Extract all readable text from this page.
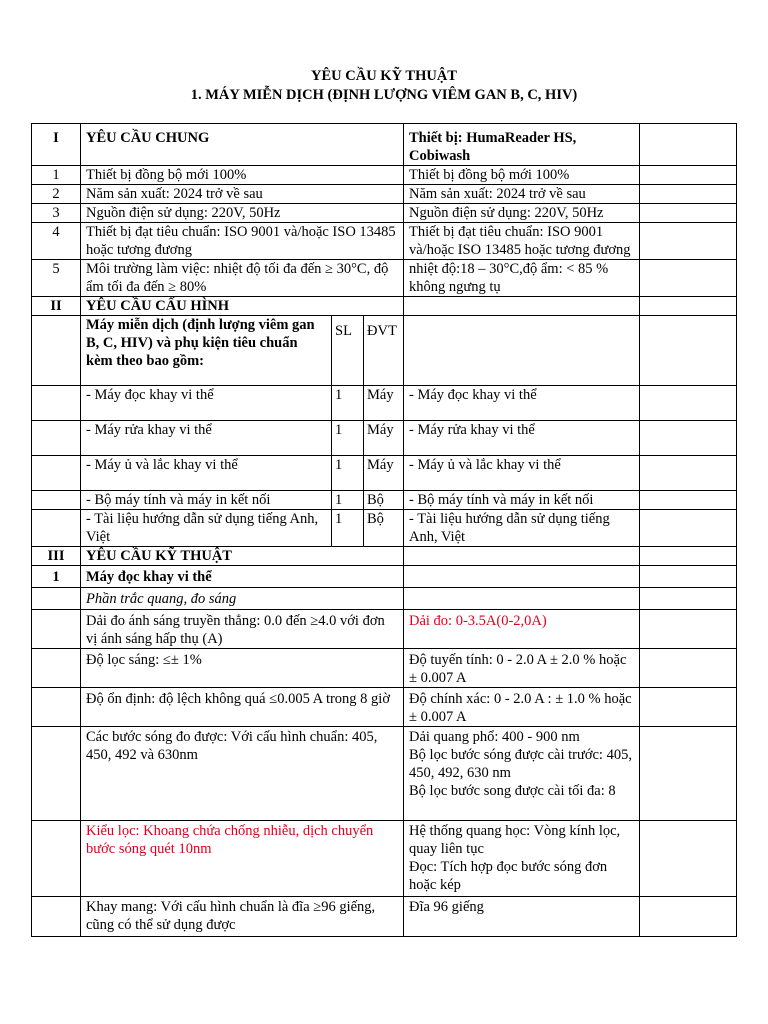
YÊU CẦU KỸ THUẬT
1. MÁY MIỄN DỊCH (ĐỊNH LƯỢNG VIÊM GAN B, C, HIV)
I	YÊU CẦU CHUNG			Thiết bị: HumaReader HS, Cobiwash	
1	Thiết bị đồng bộ mới 100%			Thiết bị đồng bộ mới 100%	
2	Năm sản xuất: 2024 trở về sau			Năm sản xuất: 2024 trở về sau	
3	Nguồn điện sử dụng: 220V, 50Hz			Nguồn điện sử dụng: 220V, 50Hz	
4	Thiết bị đạt tiêu chuẩn: ISO 9001 và/hoặc ISO 13485 hoặc tương đương			Thiết bị đạt tiêu chuẩn: ISO 9001 và/hoặc ISO 13485 hoặc tương đương	
5	Môi trường làm việc: nhiệt độ tối đa đến ≥ 30°C, độ ẩm tối đa đến ≥ 80%			nhiệt độ:18 – 30°C,độ ẩm: < 85 % không ngưng tụ	
II	YÊU CẦU CẤU HÌNH				
	Máy miễn dịch (định lượng viêm gan B, C, HIV) và phụ kiện tiêu chuẩn kèm theo bao gồm:	SL	ĐVT		
	- Máy đọc khay vi thể	1	Máy	- Máy đọc khay vi thể	
	- Máy rửa khay vi thể	1	Máy	- Máy rửa khay vi thể	
	- Máy ủ và lắc khay vi thể	1	Máy	- Máy ủ và lắc khay vi thể	
	- Bộ máy tính và máy in kết nối	1	Bộ	- Bộ máy tính và máy in kết nối	
	- Tài liệu hướng dẫn sử dụng tiếng Anh, Việt	1	Bộ	- Tài liệu hướng dẫn sử dụng tiếng Anh, Việt	
III	YÊU CẦU KỸ THUẬT				
1	Máy đọc khay vi thể				
	Phần trắc quang, đo sáng				
	Dải đo ánh sáng truyền thẳng: 0.0 đến ≥4.0 với đơn vị ánh sáng hấp thụ (A)			Dải đo: 0-3.5A(0-2,0A)	
	Độ lọc sáng: ≤± 1%			Độ tuyến tính: 0 - 2.0 A ± 2.0 % hoặc ± 0.007 A	
	Độ ổn định: độ lệch không quá ≤0.005 A trong 8 giờ			Độ chính xác: 0 - 2.0 A : ± 1.0 % hoặc ± 0.007 A	
	Các bước sóng đo được: Với cấu hình chuẩn: 405, 450, 492 và 630nm			Dải quang phổ: 400 - 900 nm
Bộ lọc bước sóng được cài trước: 405, 450, 492, 630 nm
Bộ lọc bước song được cài tối đa: 8	

	Kiểu lọc: Khoang chứa chống nhiễu, dịch chuyển bước sóng quét 10nm			Hệ thống quang học: Vòng kính lọc, quay liên tục
Đọc: Tích hợp đọc bước sóng đơn hoặc kép	

	Khay mang: Với cấu hình chuẩn là đĩa ≥96 giếng, cũng có thể sử dụng được			Đĩa 96 giếng	
